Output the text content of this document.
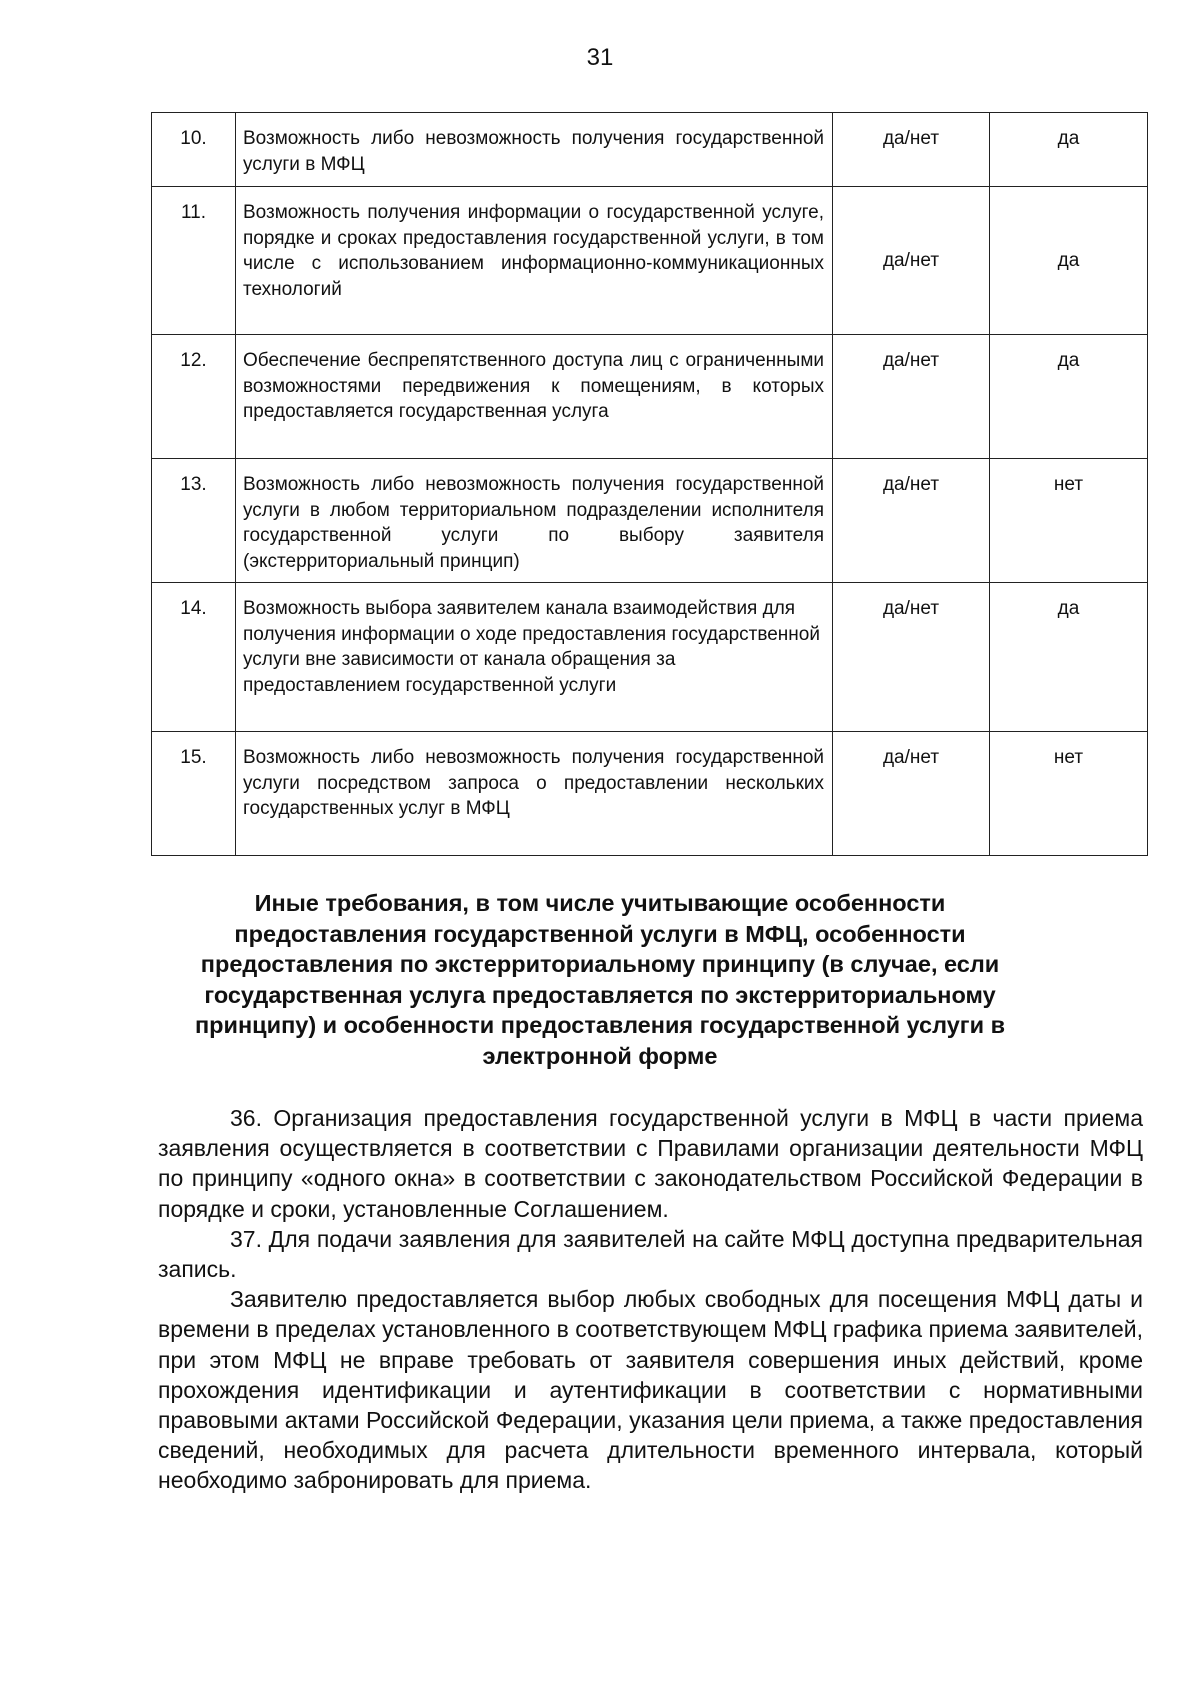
31
10.	Возможность либо невозможность получения государственной услуги в МФЦ	да/нет	да
11.	Возможность получения информации о государственной услуге, порядке и сроках предоставления государственной услуги, в том числе с использованием информационно-коммуникационных технологий	да/нет	да
12.	Обеспечение беспрепятственного доступа лиц с ограниченными возможностями передвижения к помещениям, в которых предоставляется государственная услуга	да/нет	да
13.	Возможность либо невозможность получения государственной услуги в любом территориальном подразделении исполнителя государственной услуги по выбору заявителя (экстерриториальный принцип)	да/нет	нет
14.	Возможность выбора заявителем канала взаимодействия для получения информации о ходе предоставления государственной услуги вне зависимости от канала обращения за предоставлением государственной услуги	да/нет	да
15.	Возможность либо невозможность получения государственной услуги посредством запроса о предоставлении нескольких государственных услуг в МФЦ	да/нет	нет
Иные требования, в том числе учитывающие особенности предоставления государственной услуги в МФЦ, особенности предоставления по экстерриториальному принципу (в случае, если государственная услуга предоставляется по экстерриториальному принципу) и особенности предоставления государственной услуги в электронной форме

36. Организация предоставления государственной услуги в МФЦ в части приема заявления осуществляется в соответствии с Правилами организации деятельности МФЦ по принципу «одного окна» в соответствии с законодательством Российской Федерации в порядке и сроки, установленные Соглашением.

37. Для подачи заявления для заявителей на сайте МФЦ доступна предварительная запись.

Заявителю предоставляется выбор любых свободных для посещения МФЦ даты и времени в пределах установленного в соответствующем МФЦ графика приема заявителей, при этом МФЦ не вправе требовать от заявителя совершения иных действий, кроме прохождения идентификации и аутентификации в соответствии с нормативными правовыми актами Российской Федерации, указания цели приема, а также предоставления сведений, необходимых для расчета длительности временного интервала, который необходимо забронировать для приема.
